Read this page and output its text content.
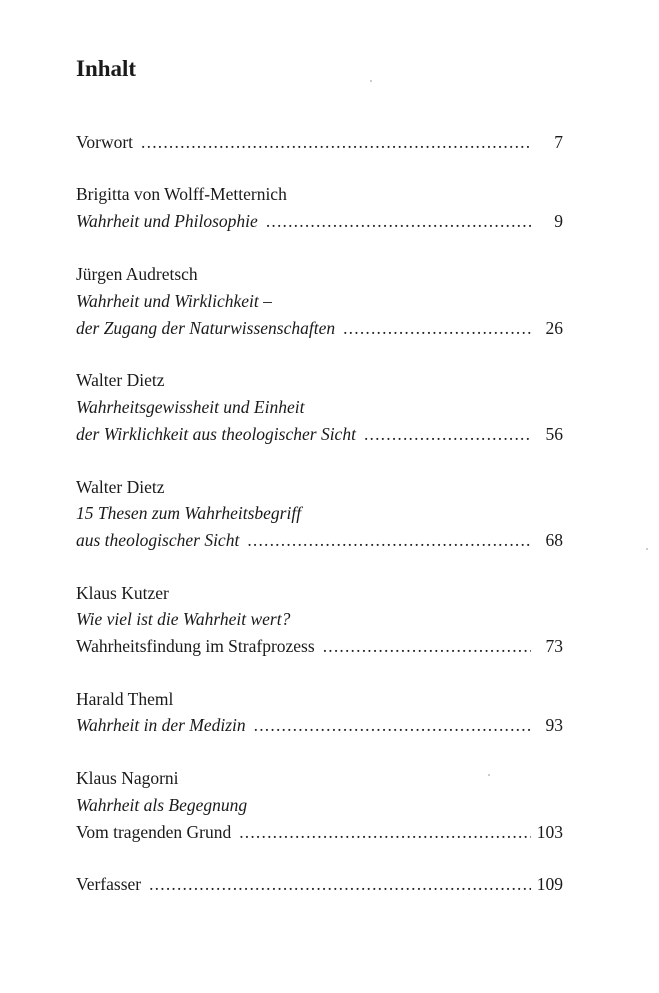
Inhalt
Vorwort .....	7
Brigitta von Wolff-Metternich
Wahrheit und Philosophie .....	9
Jürgen Audretsch
Wahrheit und Wirklichkeit –
der Zugang der Naturwissenschaften .....	26
Walter Dietz
Wahrheitsgewissheit und Einheit
der Wirklichkeit aus theologischer Sicht .....	56
Walter Dietz
15 Thesen zum Wahrheitsbegriff
aus theologischer Sicht .....	68
Klaus Kutzer
Wie viel ist die Wahrheit wert?
Wahrheitsfindung im Strafprozess .....	73
Harald Theml
Wahrheit in der Medizin .....	93
Klaus Nagorni
Wahrheit als Begegnung
Vom tragenden Grund .....	103
Verfasser .....	109
